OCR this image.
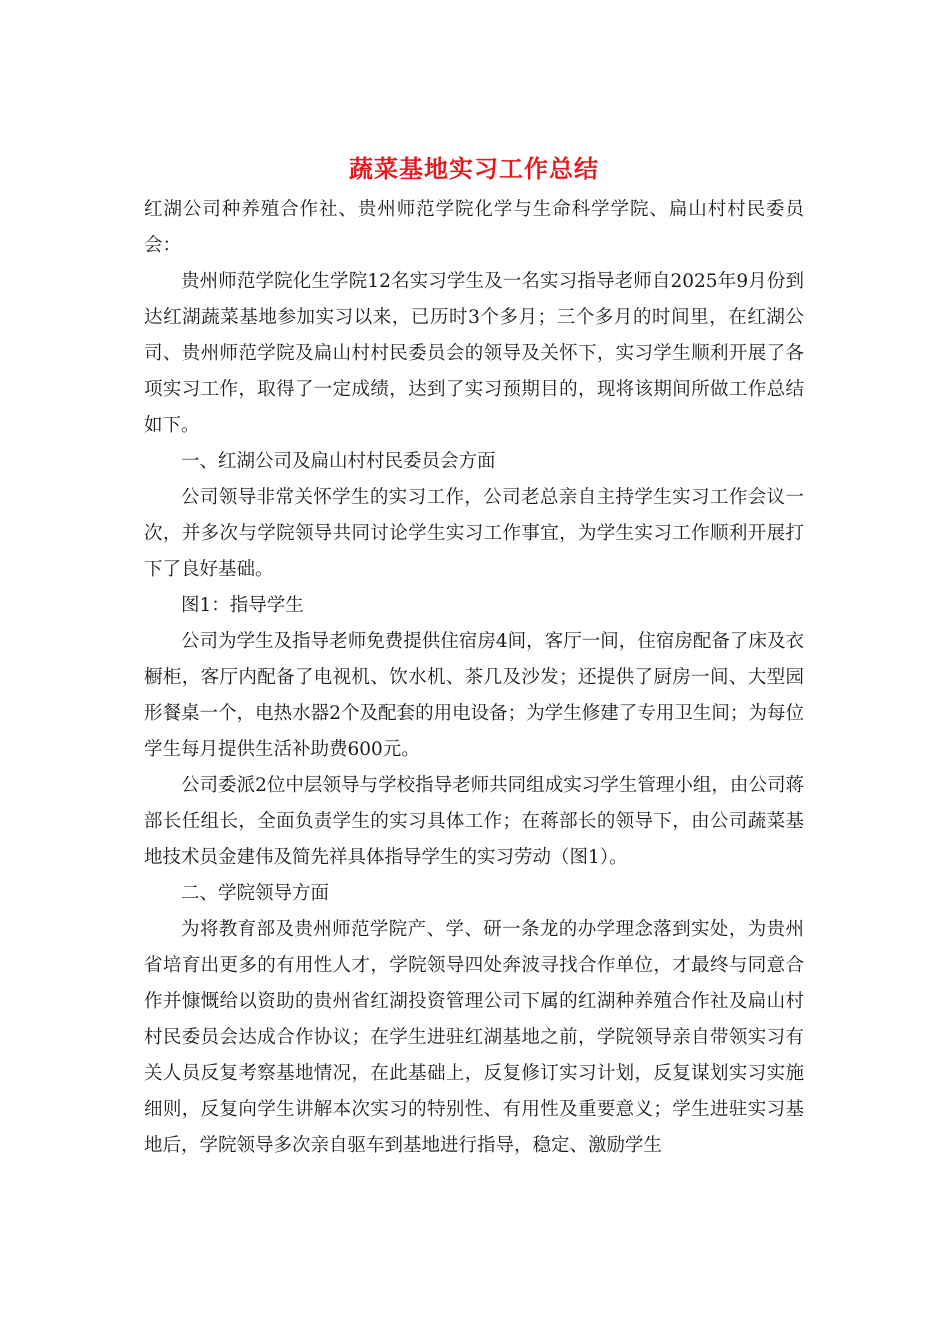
蔬菜基地实习工作总结

红湖公司种养殖合作社、贵州师范学院化学与生命科学学院、扁山村村民委员会：

贵州师范学院化生学院12名实习学生及一名实习指导老师自2025年9月份到达红湖蔬菜基地参加实习以来，已历时3个多月；三个多月的时间里，在红湖公司、贵州师范学院及扁山村村民委员会的领导及关怀下，实习学生顺利开展了各项实习工作，取得了一定成绩，达到了实习预期目的，现将该期间所做工作总结如下。

一、红湖公司及扁山村村民委员会方面

公司领导非常关怀学生的实习工作，公司老总亲自主持学生实习工作会议一次，并多次与学院领导共同讨论学生实习工作事宜，为学生实习工作顺利开展打下了良好基础。

图1：指导学生

公司为学生及指导老师免费提供住宿房4间，客厅一间，住宿房配备了床及衣橱柜，客厅内配备了电视机、饮水机、茶几及沙发；还提供了厨房一间、大型园形餐桌一个，电热水器2个及配套的用电设备；为学生修建了专用卫生间；为每位学生每月提供生活补助费600元。

公司委派2位中层领导与学校指导老师共同组成实习学生管理小组，由公司蒋部长任组长，全面负责学生的实习具体工作；在蒋部长的领导下，由公司蔬菜基地技术员金建伟及简先祥具体指导学生的实习劳动（图1）。

二、学院领导方面

为将教育部及贵州师范学院产、学、研一条龙的办学理念落到实处，为贵州省培育出更多的有用性人才，学院领导四处奔波寻找合作单位，才最终与同意合作并慷慨给以资助的贵州省红湖投资管理公司下属的红湖种养殖合作社及扁山村村民委员会达成合作协议；在学生进驻红湖基地之前，学院领导亲自带领实习有关人员反复考察基地情况，在此基础上，反复修订实习计划，反复谋划实习实施细则，反复向学生讲解本次实习的特别性、有用性及重要意义；学生进驻实习基地后，学院领导多次亲自驱车到基地进行指导，稳定、激励学生
